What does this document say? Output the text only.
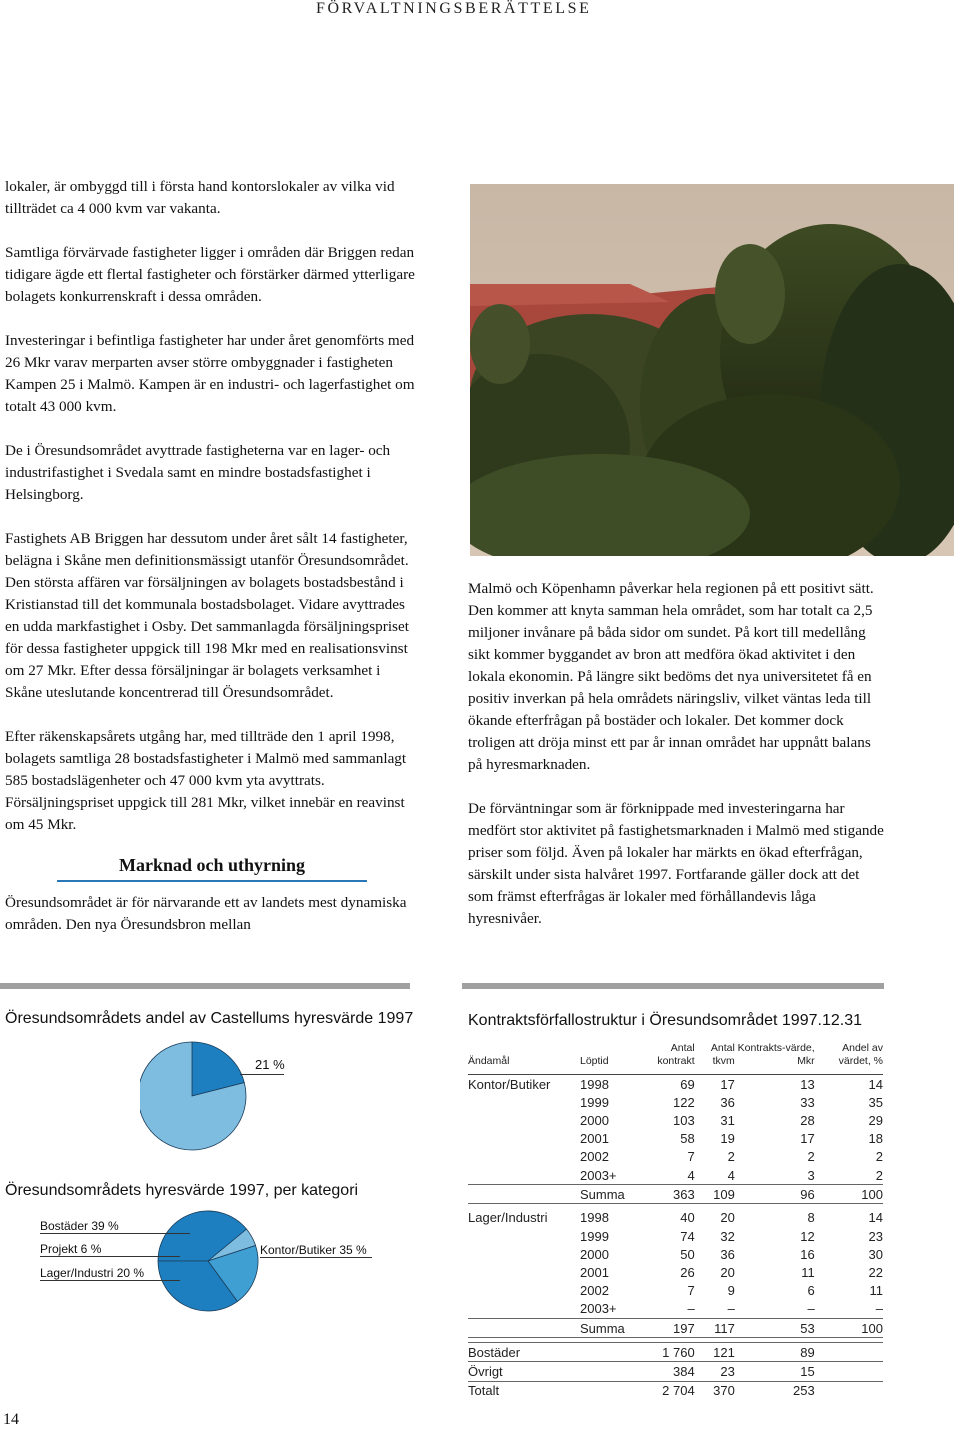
FÖRVALTNINGSBERÄTTELSE

lokaler, är ombyggd till i första hand kontorslokaler av vilka vid tillträdet ca 4 000 kvm var vakanta.

Samtliga förvärvade fastigheter ligger i områden där Briggen redan tidigare ägde ett flertal fastigheter och förstärker därmed ytterligare bolagets konkurrenskraft i dessa områden.

Investeringar i befintliga fastigheter har under året genomförts med 26 Mkr varav merparten avser större ombyggnader i fastigheten Kampen 25 i Malmö. Kampen är en industri- och lagerfastighet om totalt 43 000 kvm.

De i Öresundsområdet avyttrade fastigheterna var en lager- och industrifastighet i Svedala samt en mindre bostadsfastighet i Helsingborg.

Fastighets AB Briggen har dessutom under året sålt 14 fastigheter, belägna i Skåne men definitionsmässigt utanför Öresundsområdet. Den största affären var försäljningen av bolagets bostadsbestånd i Kristianstad till det kommunala bostadsbolaget. Vidare avyttrades en udda markfastighet i Osby. Det sammanlagda försäljningspriset för dessa fastigheter uppgick till 198 Mkr med en realisationsvinst om 27 Mkr. Efter dessa försäljningar är bolagets verksamhet i Skåne uteslutande koncentrerad till Öresundsområdet.

Efter räkenskapsårets utgång har, med tillträde den 1 april 1998, bolagets samtliga 28 bostadsfastigheter i Malmö med sammanlagt 585 bostadslägenheter och 47 000 kvm yta avyttrats. Försäljningspriset uppgick till 281 Mkr, vilket innebär en reavinst om 45 Mkr.

Marknad och uthyrning

Öresundsområdet är för närvarande ett av landets mest dynamiska områden. Den nya Öresundsbron mellan

Malmö och Köpenhamn påverkar hela regionen på ett positivt sätt. Den kommer att knyta samman hela området, som har totalt ca 2,5 miljoner invånare på båda sidor om sundet. På kort till medellång sikt kommer byggandet av bron att medföra ökad aktivitet i den lokala ekonomin. På längre sikt bedöms det nya universitetet få en positiv inverkan på hela områdets näringsliv, vilket väntas leda till ökande efterfrågan på bostäder och lokaler. Det kommer dock troligen att dröja minst ett par år innan området har uppnått balans på hyresmarknaden.

De förväntningar som är förknippade med investeringarna har medfört stor aktivitet på fastighetsmarknaden i Malmö med stigande priser som följd. Även på lokaler har märkts en ökad efterfrågan, särskilt under sista halvåret 1997. Fortfarande gäller dock att det som främst efterfrågas är lokaler med förhållandevis låga hyresnivåer.

Öresundsområdets andel av Castellums hyresvärde 1997
21 %
Öresundsområdets hyresvärde 1997, per kategori
Bostäder 39 %
Projekt 6 %
Lager/Industri 20 %
Kontor/Butiker 35 %
Kontraktsförfallostruktur i Öresundsområdet 1997.12.31
Ändamål	Löptid	Antal kontrakt	Antal tkvm	Kontrakts-värde, Mkr	Andel av värdet, %
Kontor/Butiker	1998	69	17	13	14
	1999	122	36	33	35
	2000	103	31	28	29
	2001	58	19	17	18
	2002	7	2	2	2
	2003+	4	4	3	2
	Summa	363	109	96	100

Lager/Industri	1998	40	20	8	14
	1999	74	32	12	23
	2000	50	36	16	30
	2001	26	20	11	22
	2002	7	9	6	11
	2003+	–	–	–	–
	Summa	197	117	53	100

Bostäder		1 760	121	89	
Övrigt		384	23	15	
Totalt		2 704	370	253	
14
